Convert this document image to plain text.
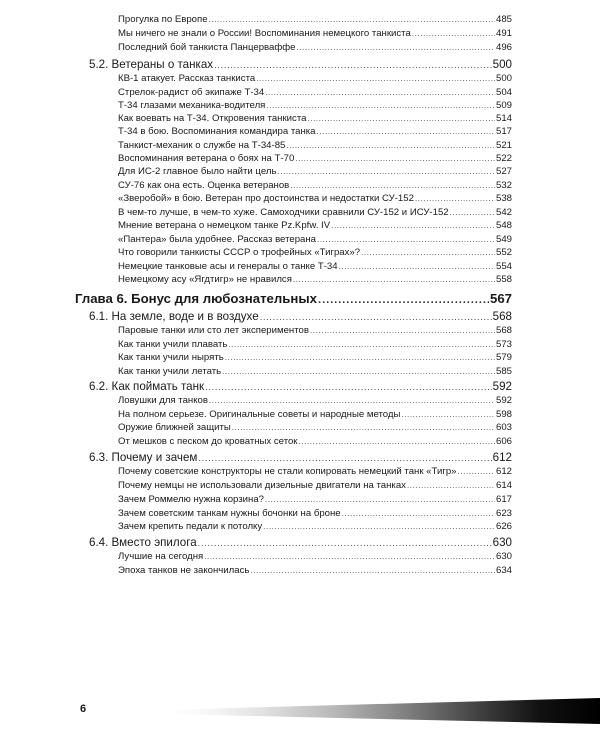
Прогулка по Европе .....	485
Мы ничего не знали о России! Воспоминания немецкого танкиста .....	491
Последний бой танкиста Панцерваффе .....	496
5.2. Ветераны о танках .....	500
КВ-1 атакует. Рассказ танкиста .....	500
Стрелок-радист об экипаже Т-34 .....	504
Т-34 глазами механика-водителя .....	509
Как воевать на Т-34. Откровения танкиста .....	514
Т-34 в бою. Воспоминания командира танка .....	517
Танкист-механик о службе на Т-34-85 .....	521
Воспоминания ветерана о боях на Т-70 .....	522
Для ИС-2 главное было найти цель .....	527
СУ-76 как она есть. Оценка ветеранов .....	532
«Зверобой» в бою. Ветеран про достоинства и недостатки СУ-152 .....	538
В чем-то лучше, в чем-то хуже. Самоходчики сравнили СУ-152 и ИСУ-152 .....	542
Мнение ветерана о немецком танке Pz.Kpfw. IV .....	548
«Пантера» была удобнее. Рассказ ветерана .....	549
Что говорили танкисты СССР о трофейных «Тиграх»? .....	552
Немецкие танковые асы и генералы о танке Т-34 .....	554
Немецкому асу «Ягдтигр» не нравился .....	558
Глава 6. Бонус для любознательных .....	567
6.1. На земле, воде и в воздухе .....	568
Паровые танки или сто лет экспериментов .....	568
Как танки учили плавать .....	573
Как танки учили нырять .....	579
Как танки учили летать .....	585
6.2. Как поймать танк .....	592
Ловушки для танков .....	592
На полном серьезе. Оригинальные советы и народные методы .....	598
Оружие ближней защиты .....	603
От мешков с песком до кроватных сеток .....	606
6.3. Почему и зачем .....	612
Почему советские конструкторы не стали копировать немецкий танк «Тигр» .....	612
Почему немцы не использовали дизельные двигатели на танках .....	614
Зачем Роммелю нужна корзина? .....	617
Зачем советским танкам нужны бочонки на броне .....	623
Зачем крепить педали к потолку .....	626
6.4. Вместо эпилога .....	630
Лучшие на сегодня .....	630
Эпоха танков не закончилась .....	634
6
